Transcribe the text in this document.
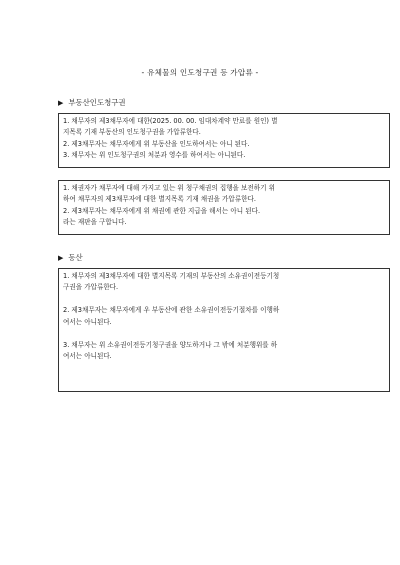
- 유체물의 인도청구권 등 가압류 -
▶ 부동산인도청구권

1. 채무자의 제3채무자에 대한(2025. 00. 00. 임대차계약 만료를 원인) 별

지목록 기재 부동산의 인도청구권을 가압류한다.

2. 제3채무자는 채무자에게 위 부동산을 인도하여서는 아니 된다.

3. 채무자는 위 인도청구권의 처분과 영수를 하여서는 아니된다.

1. 채권자가 채무자에 대해 가지고 있는 위 청구채권의 집행을 보전하기 위

하여 채무자의 제3채무자에 대한 별지목록 기재 채권을 가압류한다.

2. 제3채무자는 채무자에게 위 채권에 관한 지급을 해서는 아니 된다.

라는 재판을 구합니다.

▶ 동산

1. 채무자의 제3채무자에 대한 별지목록 기재의 부동산의 소유권이전등기청

구권을 가압류한다.

2. 제3채무자는 채무자에게 우 부동산에 관한 소유권이전등기절차를 이행하

여서는 아니된다.

3. 채무자는 위 소유권이전등기청구권을 양도하거나 그 밖에 처분행위를 하

여서는 아니된다.
